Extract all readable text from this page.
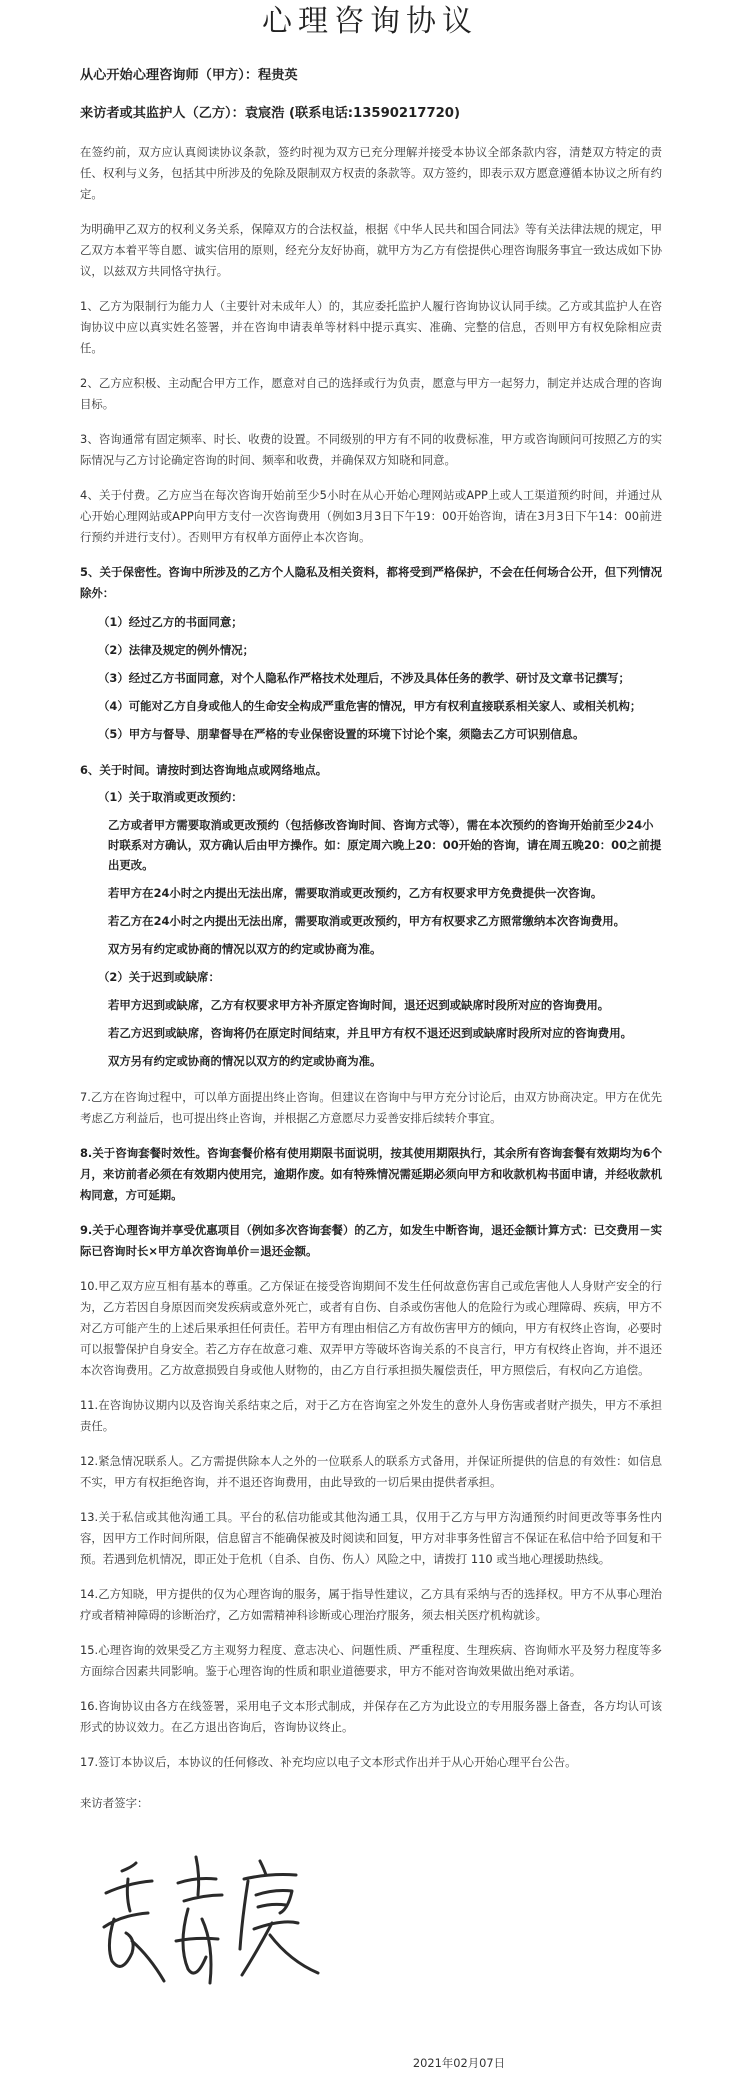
心理咨询协议
从心开始心理咨询师（甲方）：程贵英
来访者或其监护人（乙方）：袁宸浩 (联系电话:13590217720)

在签约前，双方应认真阅读协议条款，签约时视为双方已充分理解并接受本协议全部条款内容，清楚双方特定的责任、权利与义务，包括其中所涉及的免除及限制双方权责的条款等。双方签约，即表示双方愿意遵循本协议之所有约定。

为明确甲乙双方的权利义务关系，保障双方的合法权益，根据《中华人民共和国合同法》等有关法律法规的规定，甲乙双方本着平等自愿、诚实信用的原则，经充分友好协商，就甲方为乙方有偿提供心理咨询服务事宜一致达成如下协议，以兹双方共同恪守执行。

1、乙方为限制行为能力人（主要针对未成年人）的，其应委托监护人履行咨询协议认同手续。乙方或其监护人在咨询协议中应以真实姓名签署，并在咨询申请表单等材料中提示真实、准确、完整的信息，否则甲方有权免除相应责任。

2、乙方应积极、主动配合甲方工作，愿意对自己的选择或行为负责，愿意与甲方一起努力，制定并达成合理的咨询目标。

3、咨询通常有固定频率、时长、收费的设置。不同级别的甲方有不同的收费标准，甲方或咨询顾问可按照乙方的实际情况与乙方讨论确定咨询的时间、频率和收费，并确保双方知晓和同意。

4、关于付费。乙方应当在每次咨询开始前至少5小时在从心开始心理网站或APP上或人工渠道预约时间，并通过从心开始心理网站或APP向甲方支付一次咨询费用（例如3月3日下午19：00开始咨询，请在3月3日下午14：00前进行预约并进行支付）。否则甲方有权单方面停止本次咨询。

5、关于保密性。咨询中所涉及的乙方个人隐私及相关资料，都将受到严格保护，不会在任何场合公开，但下列情况除外：

（1）经过乙方的书面同意；
（2）法律及规定的例外情况；
（3）经过乙方书面同意，对个人隐私作严格技术处理后，不涉及具体任务的教学、研讨及文章书记撰写；
（4）可能对乙方自身或他人的生命安全构成严重危害的情况，甲方有权利直接联系相关家人、或相关机构；
（5）甲方与督导、朋辈督导在严格的专业保密设置的环境下讨论个案，须隐去乙方可识别信息。

6、关于时间。请按时到达咨询地点或网络地点。

（1）关于取消或更改预约：
乙方或者甲方需要取消或更改预约（包括修改咨询时间、咨询方式等），需在本次预约的咨询开始前至少24小时联系对方确认，双方确认后由甲方操作。如：原定周六晚上20：00开始的咨询，请在周五晚20：00之前提出更改。
若甲方在24小时之内提出无法出席，需要取消或更改预约，乙方有权要求甲方免费提供一次咨询。
若乙方在24小时之内提出无法出席，需要取消或更改预约，甲方有权要求乙方照常缴纳本次咨询费用。
双方另有约定或协商的情况以双方的约定或协商为准。
（2）关于迟到或缺席：
若甲方迟到或缺席，乙方有权要求甲方补齐原定咨询时间，退还迟到或缺席时段所对应的咨询费用。
若乙方迟到或缺席，咨询将仍在原定时间结束，并且甲方有权不退还迟到或缺席时段所对应的咨询费用。
双方另有约定或协商的情况以双方的约定或协商为准。

7.乙方在咨询过程中，可以单方面提出终止咨询。但建议在咨询中与甲方充分讨论后，由双方协商决定。甲方在优先考虑乙方利益后，也可提出终止咨询，并根据乙方意愿尽力妥善安排后续转介事宜。

8.关于咨询套餐时效性。咨询套餐价格有使用期限书面说明，按其使用期限执行，其余所有咨询套餐有效期均为6个月，来访前者必须在有效期内使用完，逾期作废。如有特殊情况需延期必须向甲方和收款机构书面申请，并经收款机构同意，方可延期。

9.关于心理咨询并享受优惠项目（例如多次咨询套餐）的乙方，如发生中断咨询，退还金额计算方式：已交费用－实际已咨询时长×甲方单次咨询单价＝退还金额。

10.甲乙双方应互相有基本的尊重。乙方保证在接受咨询期间不发生任何故意伤害自己或危害他人人身财产安全的行为，乙方若因自身原因而突发疾病或意外死亡，或者有自伤、自杀或伤害他人的危险行为或心理障碍、疾病，甲方不对乙方可能产生的上述后果承担任何责任。若甲方有理由相信乙方有故伤害甲方的倾向，甲方有权终止咨询，必要时可以报警保护自身安全。若乙方存在故意刁难、双弄甲方等破坏咨询关系的不良言行，甲方有权终止咨询，并不退还本次咨询费用。乙方故意损毁自身或他人财物的，由乙方自行承担损失履偿责任，甲方照偿后，有权向乙方追偿。

11.在咨询协议期内以及咨询关系结束之后，对于乙方在咨询室之外发生的意外人身伤害或者财产损失，甲方不承担责任。

12.紧急情况联系人。乙方需提供除本人之外的一位联系人的联系方式备用，并保证所提供的信息的有效性：如信息不实，甲方有权拒绝咨询，并不退还咨询费用，由此导致的一切后果由提供者承担。

13.关于私信或其他沟通工具。平台的私信功能或其他沟通工具，仅用于乙方与甲方沟通预约时间更改等事务性内容，因甲方工作时间所限，信息留言不能确保被及时阅读和回复，甲方对非事务性留言不保证在私信中给予回复和干预。若遇到危机情况，即正处于危机（自杀、自伤、伤人）风险之中，请拨打 110 或当地心理援助热线。

14.乙方知晓，甲方提供的仅为心理咨询的服务，属于指导性建议，乙方具有采纳与否的选择权。甲方不从事心理治疗或者精神障碍的诊断治疗，乙方如需精神科诊断或心理治疗服务，须去相关医疗机构就诊。

15.心理咨询的效果受乙方主观努力程度、意志决心、问题性质、严重程度、生理疾病、咨询师水平及努力程度等多方面综合因素共同影响。鉴于心理咨询的性质和职业道德要求，甲方不能对咨询效果做出绝对承诺。

16.咨询协议由各方在线签署，采用电子文本形式制成，并保存在乙方为此设立的专用服务器上备查，各方均认可该形式的协议效力。在乙方退出咨询后，咨询协议终止。

17.签订本协议后，本协议的任何修改、补充均应以电子文本形式作出并于从心开始心理平台公告。

来访者签字：
2021年02月07日
